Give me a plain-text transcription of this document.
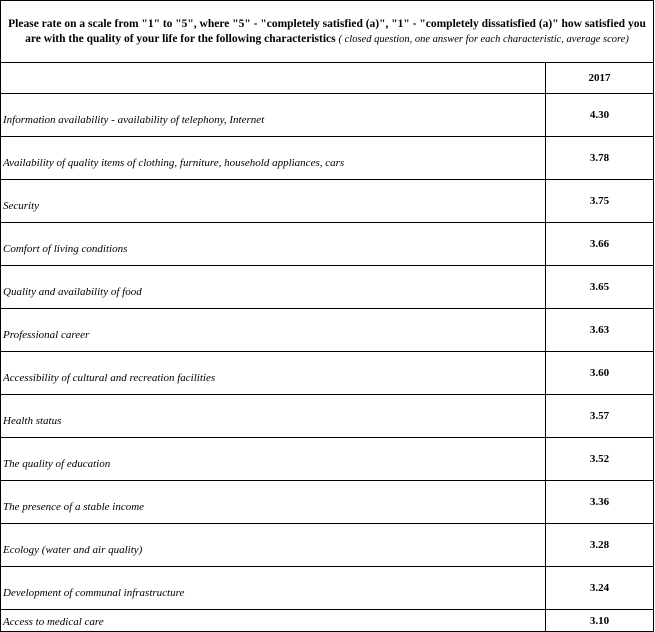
Please rate on a scale from "1" to "5", where "5" - "completely satisfied (a)", "1" - "completely dissatisfied (a)" how satisfied you are with the quality of your life for the following characteristics ( closed question, one answer for each characteristic, average score)	
	2017
Information availability - availability of telephony, Internet	4.30
Availability of quality items of clothing, furniture, household appliances, cars	3.78
Security	3.75
Comfort of living conditions	3.66
Quality and availability of food	3.65
Professional career	3.63
Accessibility of cultural and recreation facilities	3.60
Health status	3.57
The quality of education	3.52
The presence of a stable income	3.36
Ecology (water and air quality)	3.28
Development of communal infrastructure	3.24
Access to medical care	3.10
